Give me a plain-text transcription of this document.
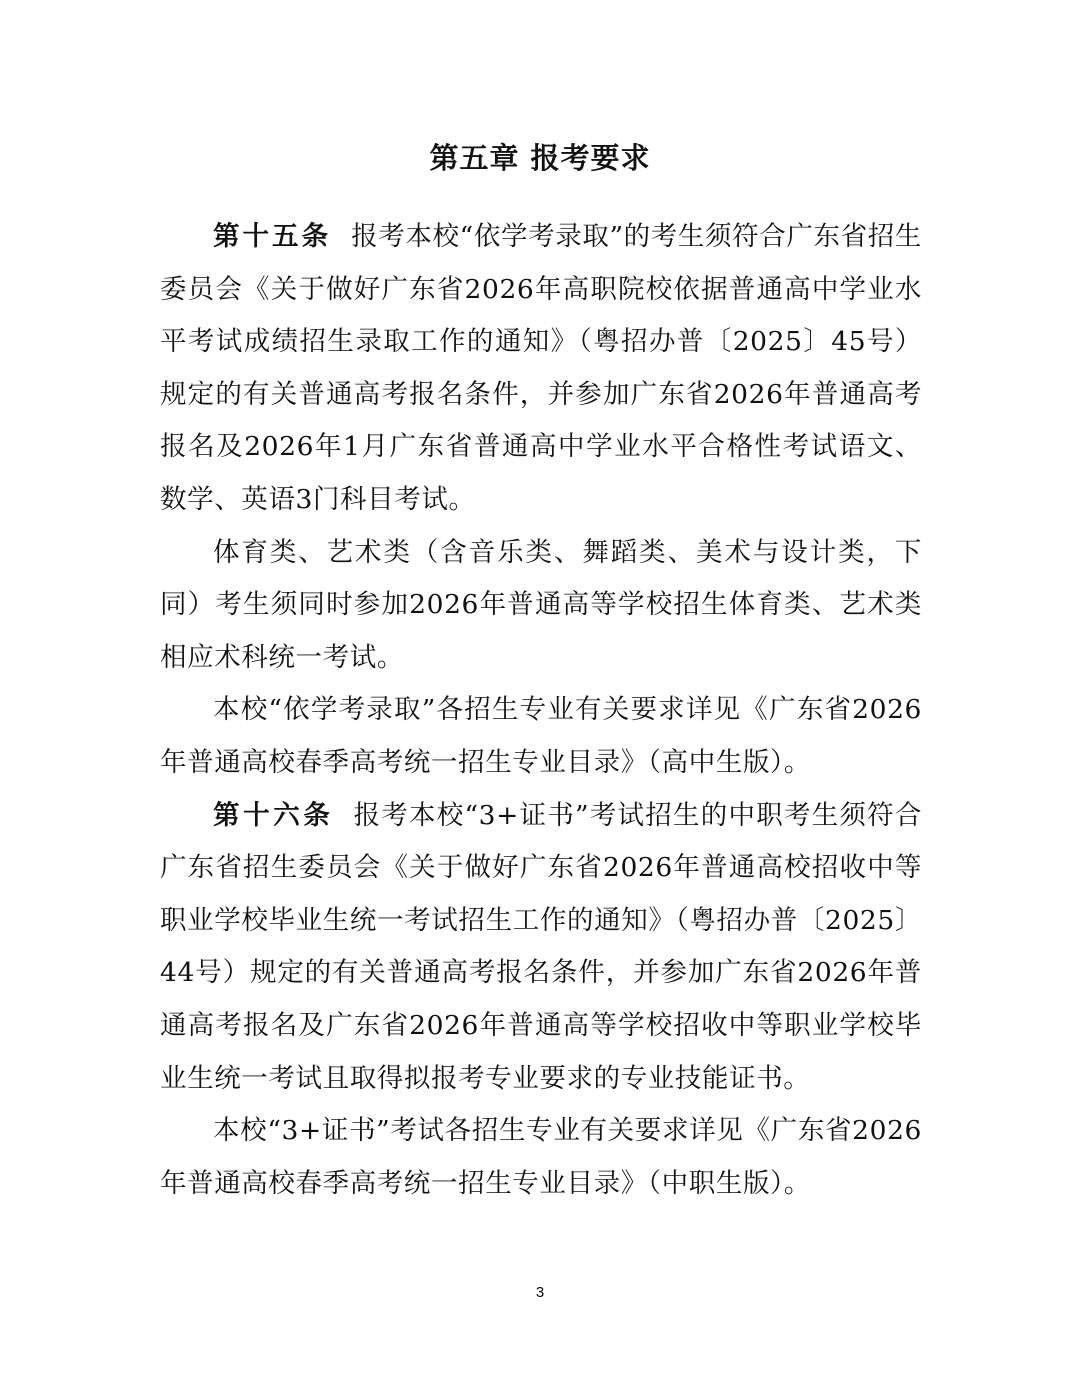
第五章 报考要求

第十五条 报考本校“依学考录取”的考生须符合广东省招生委员会《关于做好广东省2026年高职院校依据普通高中学业水平考试成绩招生录取工作的通知》（粤招办普〔2025〕45号）规定的有关普通高考报名条件，并参加广东省2026年普通高考报名及2026年1月广东省普通高中学业水平合格性考试语文、数学、英语3门科目考试。

体育类、艺术类（含音乐类、舞蹈类、美术与设计类，下同）考生须同时参加2026年普通高等学校招生体育类、艺术类相应术科统一考试。

本校“依学考录取”各招生专业有关要求详见《广东省2026年普通高校春季高考统一招生专业目录》（高中生版）。

第十六条 报考本校“3+证书”考试招生的中职考生须符合广东省招生委员会《关于做好广东省2026年普通高校招收中等职业学校毕业生统一考试招生工作的通知》（粤招办普〔2025〕44号）规定的有关普通高考报名条件，并参加广东省2026年普通高考报名及广东省2026年普通高等学校招收中等职业学校毕业生统一考试且取得拟报考专业要求的专业技能证书。

本校“3+证书”考试各招生专业有关要求详见《广东省2026年普通高校春季高考统一招生专业目录》（中职生版）。

3
